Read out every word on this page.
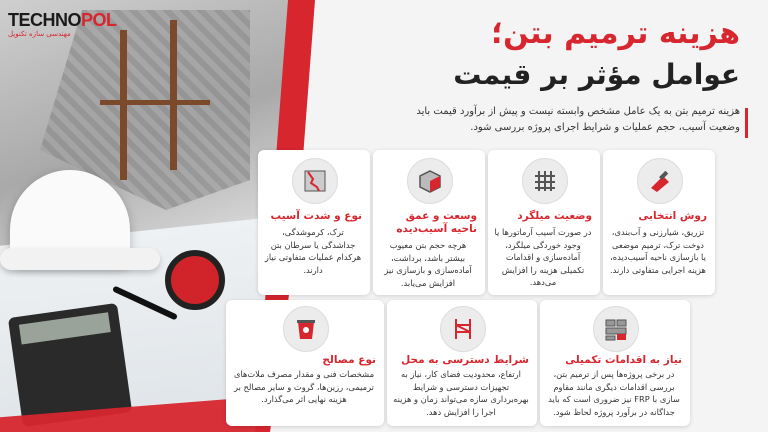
TECHNOPOL
مهندسی سازه تکنوپل	هزینه ترمیم بتن؛
عوامل مؤثر بر قیمت
هزینه ترمیم بتن به یک عامل مشخص وابسته نیست و پیش از برآورد قیمت باید وضعیت آسیب، حجم عملیات و شرایط اجرای پروژه بررسی شود.
روش انتخابی
تزریق، شیارزنی و آب‌بندی، دوخت ترک، ترمیم موضعی یا بازسازی ناحیه آسیب‌دیده، هزینه اجرایی متفاوتی دارند.
وضعیت میلگرد
در صورت آسیب آرماتورها یا وجود خوردگی میلگرد، آماده‌سازی و اقدامات تکمیلی هزینه را افزایش می‌دهد.
وسعت و عمق ناحیه آسیب‌دیده
هرچه حجم بتن معیوب بیشتر باشد، برداشت، آماده‌سازی و بازسازی نیز افزایش می‌یابد.
نوع و شدت آسیب
ترک، کرموشدگی، جداشدگی یا سرطان بتن هرکدام عملیات متفاوتی نیاز دارند.
نیاز به اقدامات تکمیلی
در برخی پروژه‌ها پس از ترمیم بتن، بررسی اقدامات دیگری مانند مقاوم سازی با FRP نیز ضروری است که باید جداگانه در برآورد پروژه لحاظ شود.
شرایط دسترسی به محل
ارتفاع، محدودیت فضای کار، نیاز به تجهیزات دسترسی و شرایط بهره‌برداری سازه می‌تواند زمان و هزینه اجرا را افزایش دهد.
نوع مصالح
مشخصات فنی و مقدار مصرف ملات‌های ترمیمی، رزین‌ها، گروت و سایر مصالح بر هزینه نهایی اثر می‌گذارد.
